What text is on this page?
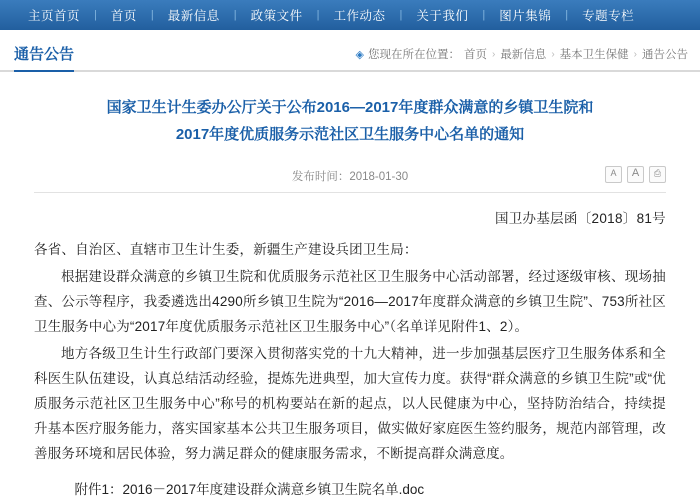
主页首页	|	首页	|	最新信息	|	政策文件	|	工作动态	|	关于我们	|	图片集锦	|	专题专栏
通告公告	◈ 您现在所在位置： 首页 › 最新信息 › 基本卫生保健 › 通告公告
国家卫生计生委办公厅关于公布2016—2017年度群众满意的乡镇卫生院和
2017年度优质服务示范社区卫生服务中心名单的通知
发布时间：2018-01-30	A	A	⎙
国卫办基层函〔2018〕81号

各省、自治区、直辖市卫生计生委，新疆生产建设兵团卫生局：

根据建设群众满意的乡镇卫生院和优质服务示范社区卫生服务中心活动部署，经过逐级审核、现场抽查、公示等程序，我委遴选出4290所乡镇卫生院为“2016—2017年度群众满意的乡镇卫生院”、753所社区卫生服务中心为“2017年度优质服务示范社区卫生服务中心”（名单详见附件1、2）。

地方各级卫生计生行政部门要深入贯彻落实党的十九大精神，进一步加强基层医疗卫生服务体系和全科医生队伍建设，认真总结活动经验，提炼先进典型，加大宣传力度。获得“群众满意的乡镇卫生院”或“优质服务示范社区卫生服务中心”称号的机构要站在新的起点，以人民健康为中心，坚持防治结合，持续提升基本医疗服务能力，落实国家基本公共卫生服务项目，做实做好家庭医生签约服务，规范内部管理，改善服务环境和居民体验，努力满足群众的健康服务需求，不断提高群众满意度。

附件1：2016－2017年度建设群众满意乡镇卫生院名单.doc
